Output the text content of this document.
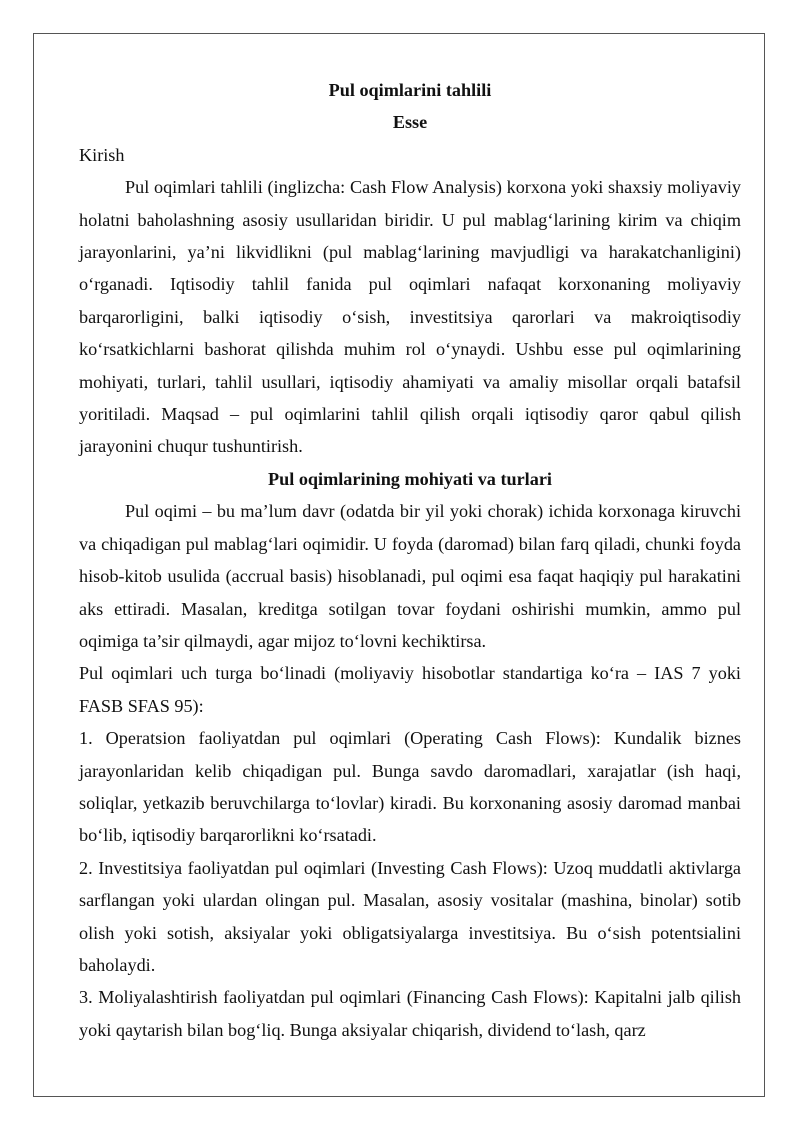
Pul oqimlarini tahlili
Esse

Kirish

Pul oqimlari tahlili (inglizcha: Cash Flow Analysis) korxona yoki shaxsiy moliyaviy holatni baholashning asosiy usullaridan biridir. U pul mablag‘larining kirim va chiqim jarayonlarini, ya’ni likvidlikni (pul mablag‘larining mavjudligi va harakatchanligini) o‘rganadi. Iqtisodiy tahlil fanida pul oqimlari nafaqat korxonaning moliyaviy barqarorligini, balki iqtisodiy o‘sish, investitsiya qarorlari va makroiqtisodiy ko‘rsatkichlarni bashorat qilishda muhim rol o‘ynaydi. Ushbu esse pul oqimlarining mohiyati, turlari, tahlil usullari, iqtisodiy ahamiyati va amaliy misollar orqali batafsil yoritiladi. Maqsad – pul oqimlarini tahlil qilish orqali iqtisodiy qaror qabul qilish jarayonini chuqur tushuntirish.

Pul oqimlarining mohiyati va turlari

Pul oqimi – bu ma’lum davr (odatda bir yil yoki chorak) ichida korxonaga kiruvchi va chiqadigan pul mablag‘lari oqimidir. U foyda (daromad) bilan farq qiladi, chunki foyda hisob-kitob usulida (accrual basis) hisoblanadi, pul oqimi esa faqat haqiqiy pul harakatini aks ettiradi. Masalan, kreditga sotilgan tovar foydani oshirishi mumkin, ammo pul oqimiga ta’sir qilmaydi, agar mijoz to‘lovni kechiktirsa.

Pul oqimlari uch turga bo‘linadi (moliyaviy hisobotlar standartiga ko‘ra – IAS 7 yoki FASB SFAS 95):

1. Operatsion faoliyatdan pul oqimlari (Operating Cash Flows): Kundalik biznes jarayonlaridan kelib chiqadigan pul. Bunga savdo daromadlari, xarajatlar (ish haqi, soliqlar, yetkazib beruvchilarga to‘lovlar) kiradi. Bu korxonaning asosiy daromad manbai bo‘lib, iqtisodiy barqarorlikni ko‘rsatadi.

2. Investitsiya faoliyatdan pul oqimlari (Investing Cash Flows): Uzoq muddatli aktivlarga sarflangan yoki ulardan olingan pul. Masalan, asosiy vositalar (mashina, binolar) sotib olish yoki sotish, aksiyalar yoki obligatsiyalarga investitsiya. Bu o‘sish potentsialini baholaydi.

3. Moliyalashtirish faoliyatdan pul oqimlari (Financing Cash Flows): Kapitalni jalb qilish yoki qaytarish bilan bog‘liq. Bunga aksiyalar chiqarish, dividend to‘lash, qarz
